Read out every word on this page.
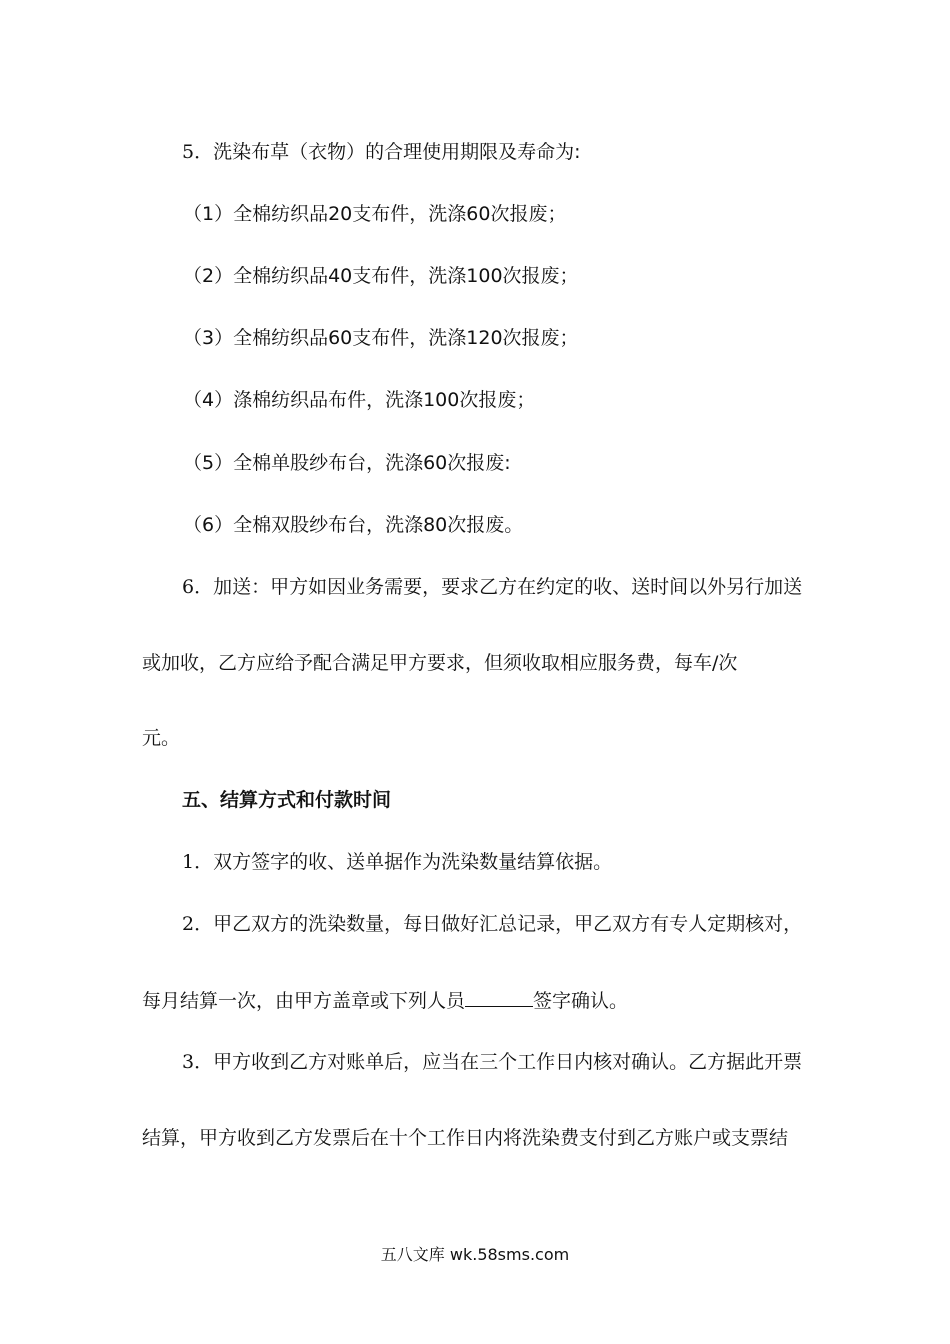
5．洗染布草（衣物）的合理使用期限及寿命为:
（1）全棉纺织品20支布件，洗涤60次报废；
（2）全棉纺织品40支布件，洗涤100次报废；
（3）全棉纺织品60支布件，洗涤120次报废；
（4）涤棉纺织品布件，洗涤100次报废；
（5）全棉单股纱布台，洗涤60次报废:
（6）全棉双股纱布台，洗涤80次报废。
6．加送：甲方如因业务需要，要求乙方在约定的收、送时间以外另行加送
或加收，乙方应给予配合满足甲方要求，但须收取相应服务费，每车/次
元。
五、结算方式和付款时间
1．双方签字的收、送单据作为洗染数量结算依据。
2．甲乙双方的洗染数量，每日做好汇总记录，甲乙双方有专人定期核对，
每月结算一次，由甲方盖章或下列人员	签字确认。
3．甲方收到乙方对账单后，应当在三个工作日内核对确认。乙方据此开票
结算，甲方收到乙方发票后在十个工作日内将洗染费支付到乙方账户或支票结
五八文库 wk.58sms.com
